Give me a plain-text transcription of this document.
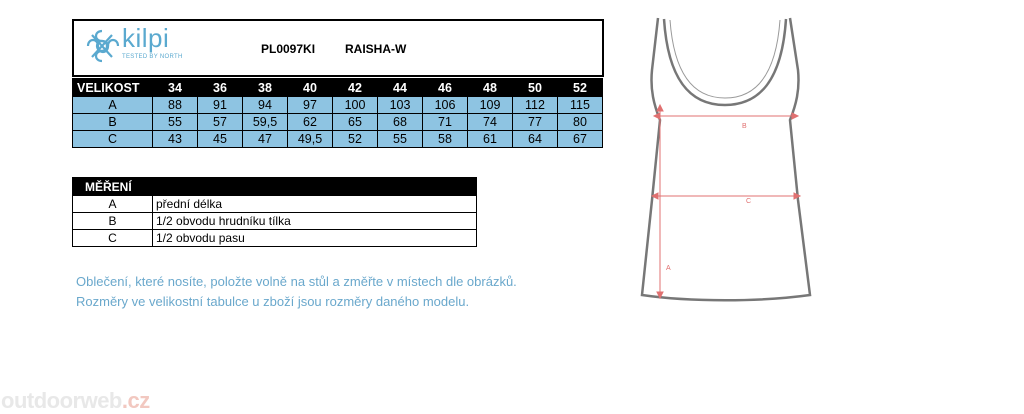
kilpi
TESTED BY NORTH
PL0097KI RAISHA-W
VELIKOST	34	36	38	40	42	44	46	48	50	52
A	88	91	94	97	100	103	106	109	112	115
B	55	57	59,5	62	65	68	71	74	77	80
C	43	45	47	49,5	52	55	58	61	64	67
MĚŘENÍ	
A	přední délka
B	1/2 obvodu hrudníku tílka
C	1/2 obvodu pasu
Oblečení, které nosíte, položte volně na stůl a změřte v místech dle obrázků.
Rozměry ve velikostní tabulce u zboží jsou rozměry daného modelu.
outdoorweb.cz
B
C
A
